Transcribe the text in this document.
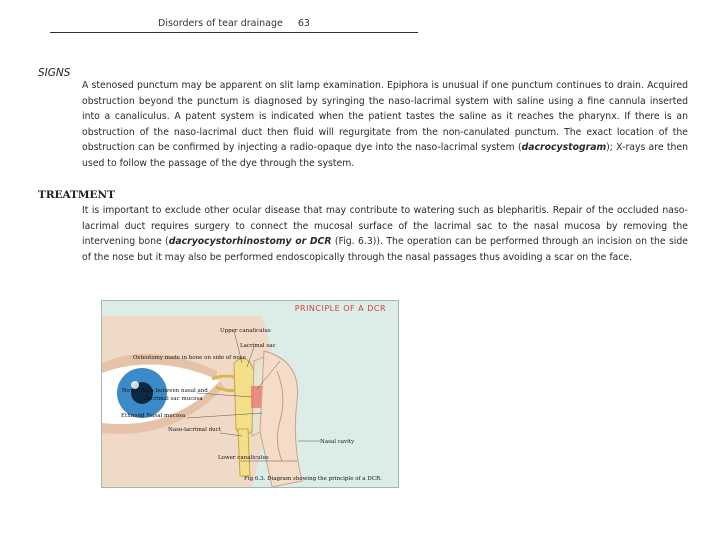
Disorders of tear drainage 63
SIGNS

A stenosed punctum may be apparent on slit lamp examination. Epiphora is unusual if one punctum continues to drain. Acquired obstruction beyond the punctum is diagnosed by syringing the naso-lacrimal system with saline using a fine cannula inserted into a canaliculus. A patent system is indicated when the patient tastes the saline as it reaches the pharynx. If there is an obstruction of the naso-lacrimal duct then fluid will regurgitate from the non-canulated punctum. The exact location of the obstruction can be confirmed by injecting a radio-opaque dye into the naso-lacrimal system (dacrocystogram); X-rays are then used to follow the passage of the dye through the system.

TREATMENT

It is important to exclude other ocular disease that may contribute to watering such as blepharitis. Repair of the occluded naso-lacrimal duct requires surgery to connect the mucosal surface of the lacrimal sac to the nasal mucosa by removing the intervening bone (dacryocystorhinostomy or DCR (Fig. 6.3)). The operation can be performed through an incision on the side of the nose but it may also be performed endoscopically through the nasal passages thus avoiding a scar on the face.

PRINCIPLE OF A DCR
Upper canaliculus
Lacrimal sac
Osteotomy made in bone on side of nose
New fistula between nasal and
lacrimal sac mucosa
Ethmoid Nasal mucosa
Naso-lacrimal duct
Nasal cavity
Lower canaliculus
Fig 6.3. Diagram showing the principle of a DCR.
